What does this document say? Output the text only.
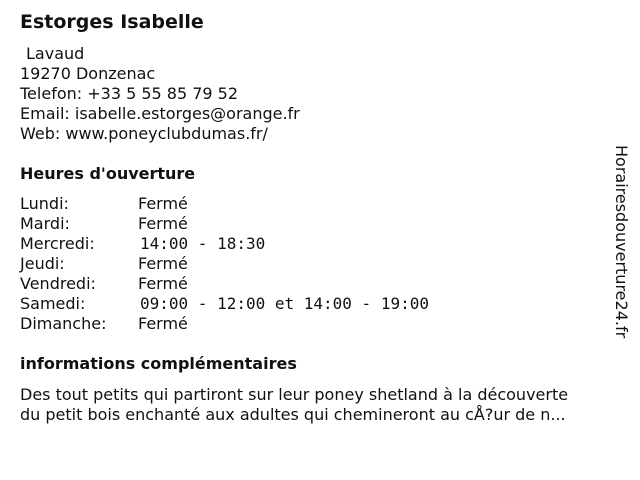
Estorges Isabelle
Lavaud
19270 Donzenac
Telefon: +33 5 55 85 79 52
Email: isabelle.estorges@orange.fr
Web: www.poneyclubdumas.fr/
Heures d'ouverture
Lundi:	Fermé
Mardi:	Fermé
Mercredi:	14:00 - 18:30
Jeudi:	Fermé
Vendredi:	Fermé
Samedi:	09:00 - 12:00 et 14:00 - 19:00
Dimanche: Fermé
informations complémentaires
Des tout petits qui partiront sur leur poney shetland à la découverte
du petit bois enchanté aux adultes qui chemineront au cÅ?ur de n...
Horairesdouverture24.fr
